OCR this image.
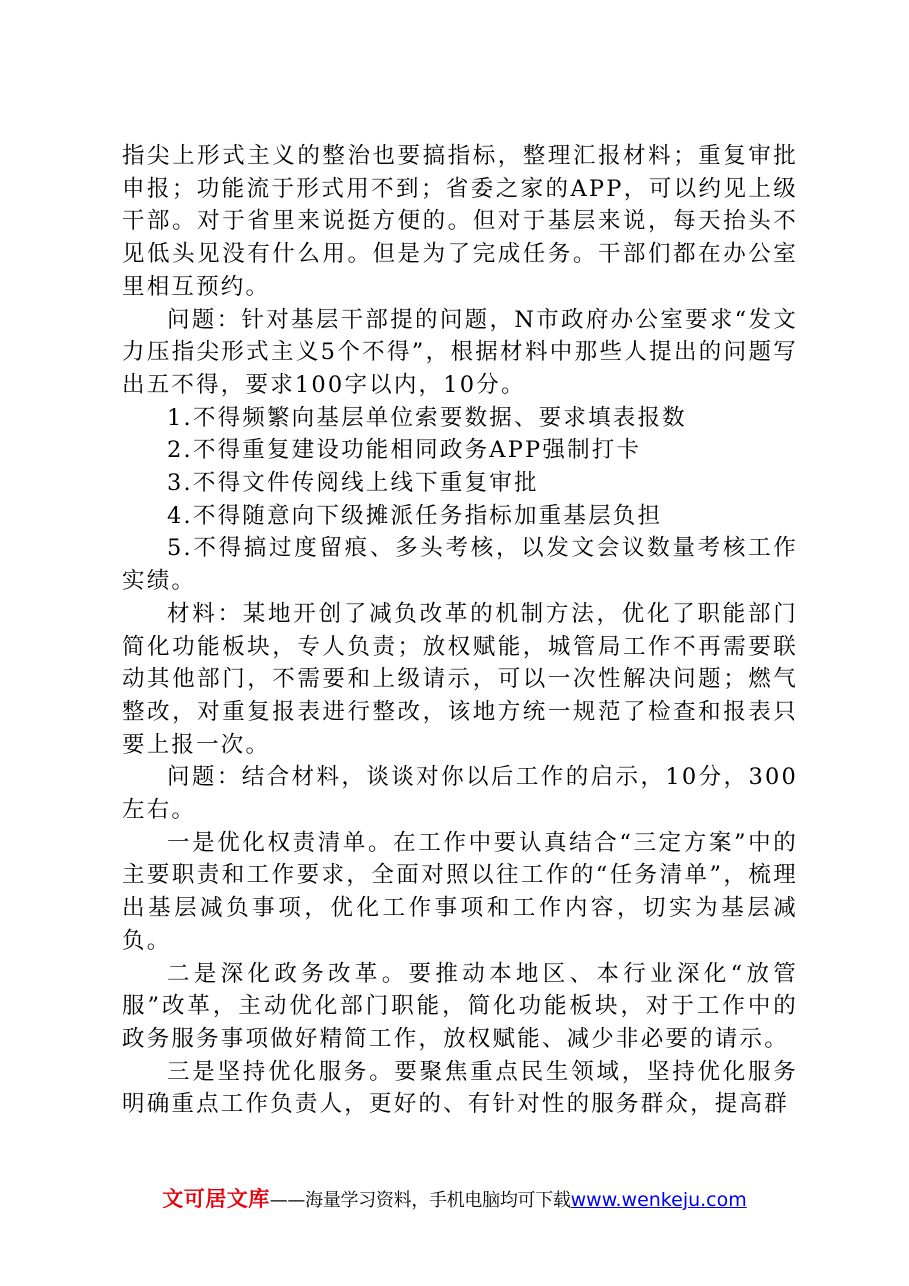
指尖上形式主义的整治也要搞指标，整理汇报材料；重复审批申报；功能流于形式用不到；省委之家的APP，可以约见上级干部。对于省里来说挺方便的。但对于基层来说，每天抬头不见低头见没有什么用。但是为了完成任务。干部们都在办公室里相互预约。

问题：针对基层干部提的问题，N市政府办公室要求“发文力压指尖形式主义5个不得”，根据材料中那些人提出的问题写出五不得，要求100字以内，10分。

1.不得频繁向基层单位索要数据、要求填表报数

2.不得重复建设功能相同政务APP强制打卡

3.不得文件传阅线上线下重复审批

4.不得随意向下级摊派任务指标加重基层负担

5.不得搞过度留痕、多头考核，以发文会议数量考核工作实绩。

材料：某地开创了减负改革的机制方法，优化了职能部门简化功能板块，专人负责；放权赋能，城管局工作不再需要联动其他部门，不需要和上级请示，可以一次性解决问题；燃气整改，对重复报表进行整改，该地方统一规范了检查和报表只要上报一次。

问题：结合材料，谈谈对你以后工作的启示，10分，300左右。

一是优化权责清单。在工作中要认真结合“三定方案”中的主要职责和工作要求，全面对照以往工作的“任务清单”，梳理出基层减负事项，优化工作事项和工作内容，切实为基层减负。

二是深化政务改革。要推动本地区、本行业深化“放管服”改革，主动优化部门职能，简化功能板块，对于工作中的政务服务事项做好精简工作，放权赋能、减少非必要的请示。

三是坚持优化服务。要聚焦重点民生领域，坚持优化服务明确重点工作负责人，更好的、有针对性的服务群众，提高群

文可居文库——海量学习资料，手机电脑均可下载www.wenkeju.com
